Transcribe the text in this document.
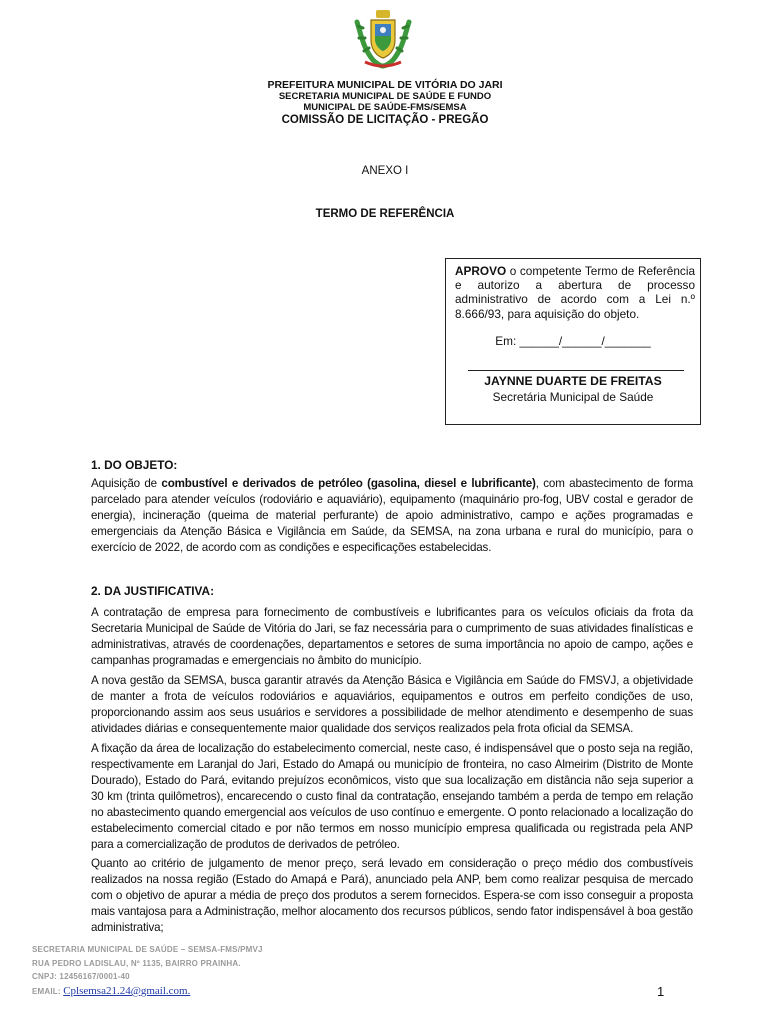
PREFEITURA MUNICIPAL DE VITÓRIA DO JARI
SECRETARIA MUNICIPAL DE SAÚDE E FUNDO
MUNICIPAL DE SAÚDE-FMS/SEMSA
COMISSÃO DE LICITAÇÃO - PREGÃO
ANEXO I
TERMO DE REFERÊNCIA
APROVO o competente Termo de Referência e autorizo a abertura de processo administrativo de acordo com a Lei n.º 8.666/93, para aquisição do objeto.
Em: ______/______/_______
JAYNNE DUARTE DE FREITAS
Secretária Municipal de Saúde
1. DO OBJETO:
Aquisição de combustível e derivados de petróleo (gasolina, diesel e lubrificante), com abastecimento de forma parcelado para atender veículos (rodoviário e aquaviário), equipamento (maquinário pro-fog, UBV costal e gerador de energia), incineração (queima de material perfurante) de apoio administrativo, campo e ações programadas e emergenciais da Atenção Básica e Vigilância em Saúde, da SEMSA, na zona urbana e rural do município, para o exercício de 2022, de acordo com as condições e especificações estabelecidas.
2. DA JUSTIFICATIVA:
A contratação de empresa para fornecimento de combustíveis e lubrificantes para os veículos oficiais da frota da Secretaria Municipal de Saúde de Vitória do Jari, se faz necessária para o cumprimento de suas atividades finalísticas e administrativas, através de coordenações, departamentos e setores de suma importância no apoio de campo, ações e campanhas programadas e emergenciais no âmbito do município.
A nova gestão da SEMSA, busca garantir através da Atenção Básica e Vigilância em Saúde do FMSVJ, a objetividade de manter a frota de veículos rodoviários e aquaviários, equipamentos e outros em perfeito condições de uso, proporcionando assim aos seus usuários e servidores a possibilidade de melhor atendimento e desempenho de suas atividades diárias e consequentemente maior qualidade dos serviços realizados pela frota oficial da SEMSA.
A fixação da área de localização do estabelecimento comercial, neste caso, é indispensável que o posto seja na região, respectivamente em Laranjal do Jari, Estado do Amapá ou município de fronteira, no caso Almeirim (Distrito de Monte Dourado), Estado do Pará, evitando prejuízos econômicos, visto que sua localização em distância não seja superior a 30 km (trinta quilômetros), encarecendo o custo final da contratação, ensejando também a perda de tempo em relação no abastecimento quando emergencial aos veículos de uso contínuo e emergente. O ponto relacionado a localização do estabelecimento comercial citado e por não termos em nosso município empresa qualificada ou registrada pela ANP para a comercialização de produtos de derivados de petróleo.
Quanto ao critério de julgamento de menor preço, será levado em consideração o preço médio dos combustíveis realizados na nossa região (Estado do Amapá e Pará), anunciado pela ANP, bem como realizar pesquisa de mercado com o objetivo de apurar a média de preço dos produtos a serem fornecidos. Espera-se com isso conseguir a proposta mais vantajosa para a Administração, melhor alocamento dos recursos públicos, sendo fator indispensável à boa gestão administrativa;
SECRETARIA MUNICIPAL DE SAÚDE – SEMSA-FMS/PMVJ
RUA PEDRO LADISLAU, Nº 1135, BAIRRO PRAINHA.
CNPJ: 12456167/0001-40
EMAIL: Cplsemsa21.24@gmail.com.	1
